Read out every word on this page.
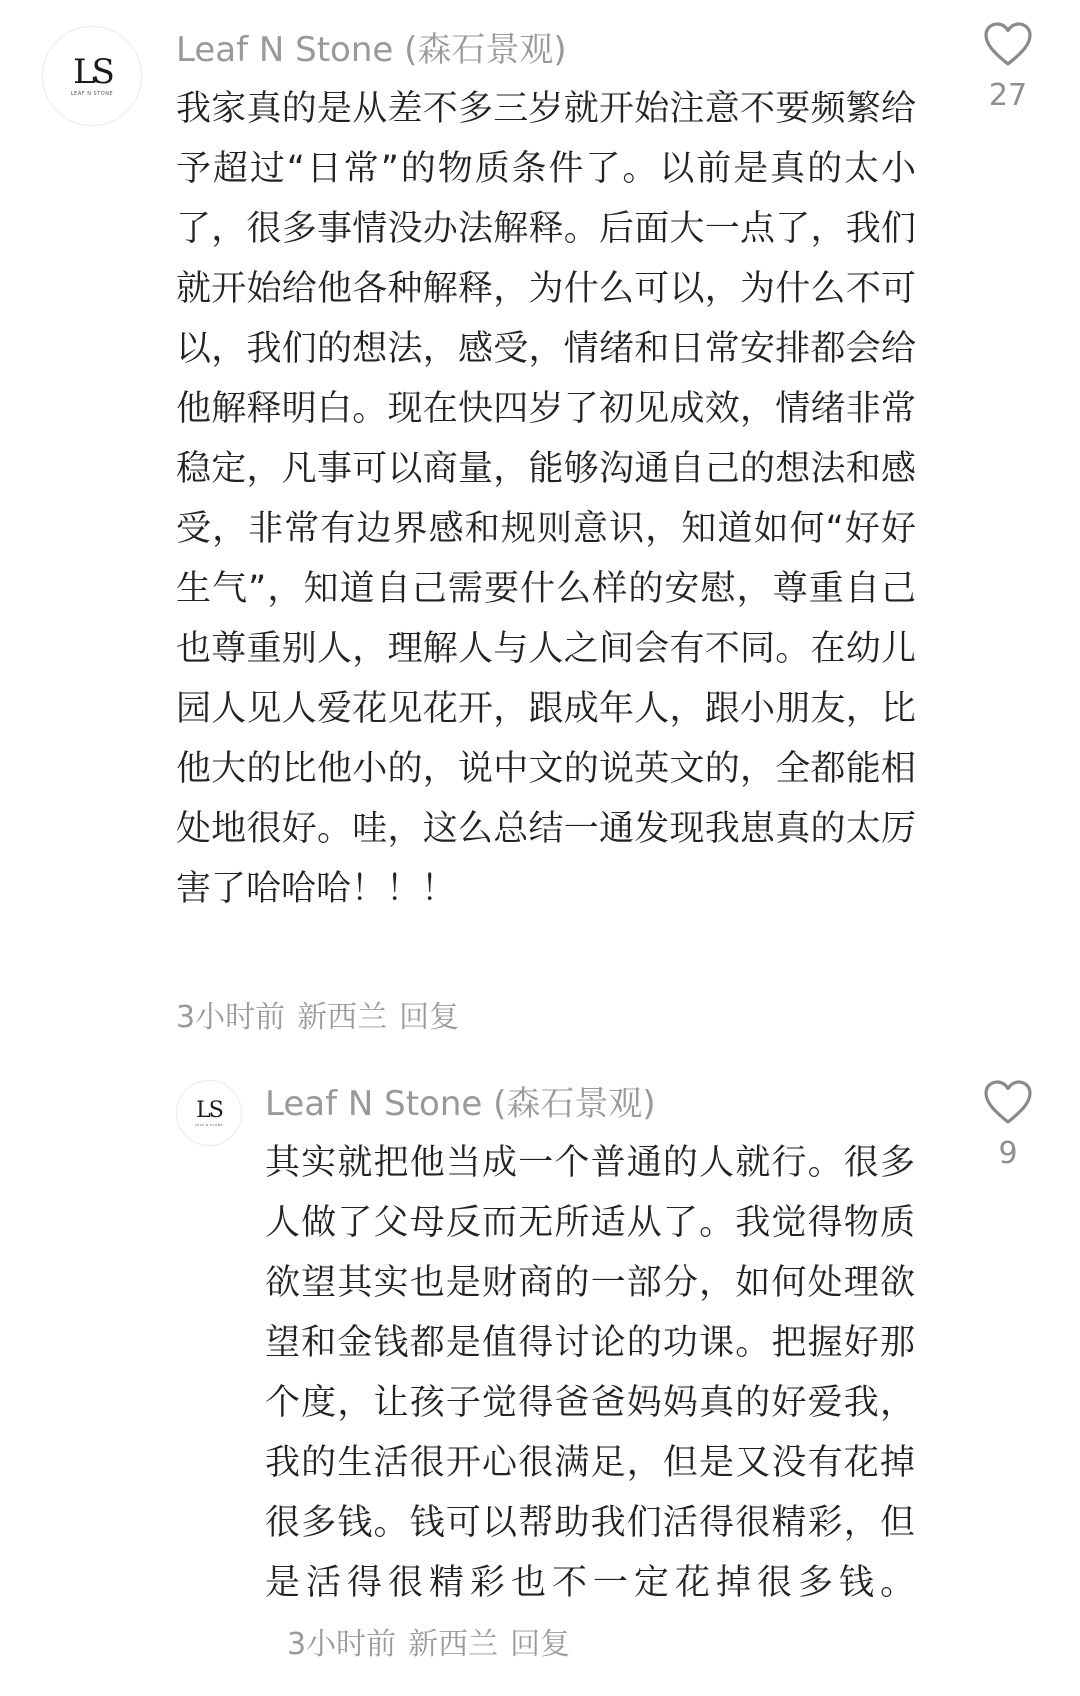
LS
LEAF N STONE
Leaf N Stone (森石景观)
我家真的是从差不多三岁就开始注意不要频繁给予超过“日常”的物质条件了。以前是真的太小了，很多事情没办法解释。后面大一点了，我们就开始给他各种解释，为什么可以，为什么不可以，我们的想法，感受，情绪和日常安排都会给他解释明白。现在快四岁了初见成效，情绪非常稳定，凡事可以商量，能够沟通自己的想法和感受，非常有边界感和规则意识，知道如何“好好生气”，知道自己需要什么样的安慰，尊重自己也尊重别人，理解人与人之间会有不同。在幼儿园人见人爱花见花开，跟成年人，跟小朋友，比他大的比他小的，说中文的说英文的，全都能相处地很好。哇，这么总结一通发现我崽真的太厉害了哈哈哈！！！
3小时前 新西兰 回复
27
LS
LEAF N STONE
Leaf N Stone (森石景观)
其实就把他当成一个普通的人就行。很多人做了父母反而无所适从了。我觉得物质欲望其实也是财商的一部分，如何处理欲望和金钱都是值得讨论的功课。把握好那个度，让孩子觉得爸爸妈妈真的好爱我，我的生活很开心很满足，但是又没有花掉很多钱。钱可以帮助我们活得很精彩，但是活得很精彩也不一定花掉很多钱。3小时前 新西兰 回复
9
